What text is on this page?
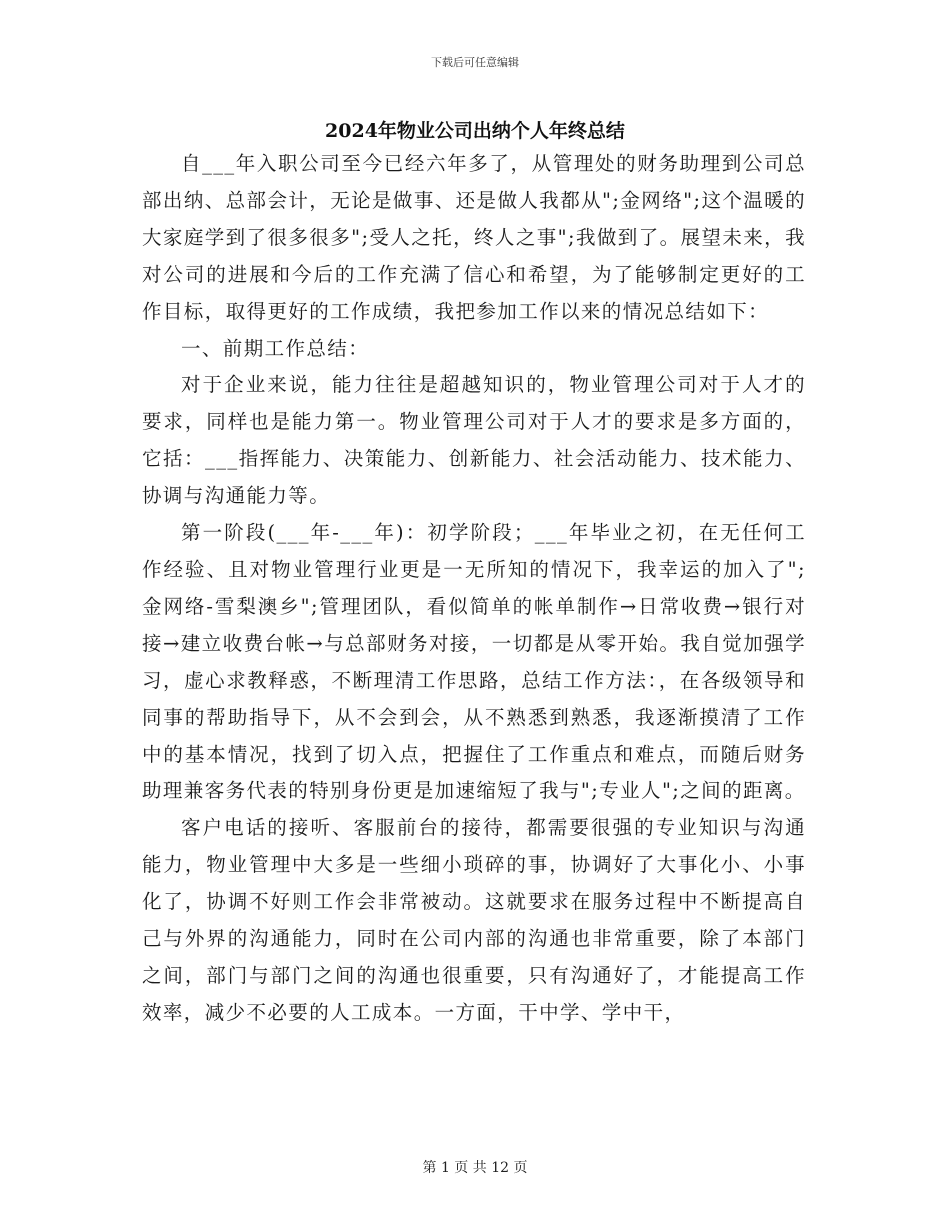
下载后可任意编辑
2024年物业公司出纳个人年终总结

自___年入职公司至今已经六年多了，从管理处的财务助理到公司总部出纳、总部会计，无论是做事、还是做人我都从";金网络";这个温暖的大家庭学到了很多很多";受人之托，终人之事";我做到了。展望未来，我对公司的进展和今后的工作充满了信心和希望，为了能够制定更好的工作目标，取得更好的工作成绩，我把参加工作以来的情况总结如下：

一、前期工作总结：

对于企业来说，能力往往是超越知识的，物业管理公司对于人才的要求，同样也是能力第一。物业管理公司对于人才的要求是多方面的，它括：___指挥能力、决策能力、创新能力、社会活动能力、技术能力、协调与沟通能力等。

第一阶段(___年-___年)：初学阶段；___年毕业之初，在无任何工作经验、且对物业管理行业更是一无所知的情况下，我幸运的加入了";金网络-雪梨澳乡";管理团队，看似简单的帐单制作→日常收费→银行对接→建立收费台帐→与总部财务对接，一切都是从零开始。我自觉加强学习，虚心求教释惑，不断理清工作思路，总结工作方法：，在各级领导和同事的帮助指导下，从不会到会，从不熟悉到熟悉，我逐渐摸清了工作中的基本情况，找到了切入点，把握住了工作重点和难点，而随后财务助理兼客务代表的特别身份更是加速缩短了我与";专业人";之间的距离。

客户电话的接听、客服前台的接待，都需要很强的专业知识与沟通能力，物业管理中大多是一些细小琐碎的事，协调好了大事化小、小事化了，协调不好则工作会非常被动。这就要求在服务过程中不断提高自己与外界的沟通能力，同时在公司内部的沟通也非常重要，除了本部门之间，部门与部门之间的沟通也很重要，只有沟通好了，才能提高工作效率，减少不必要的人工成本。一方面，干中学、学中干，

第 1 页 共 12 页
